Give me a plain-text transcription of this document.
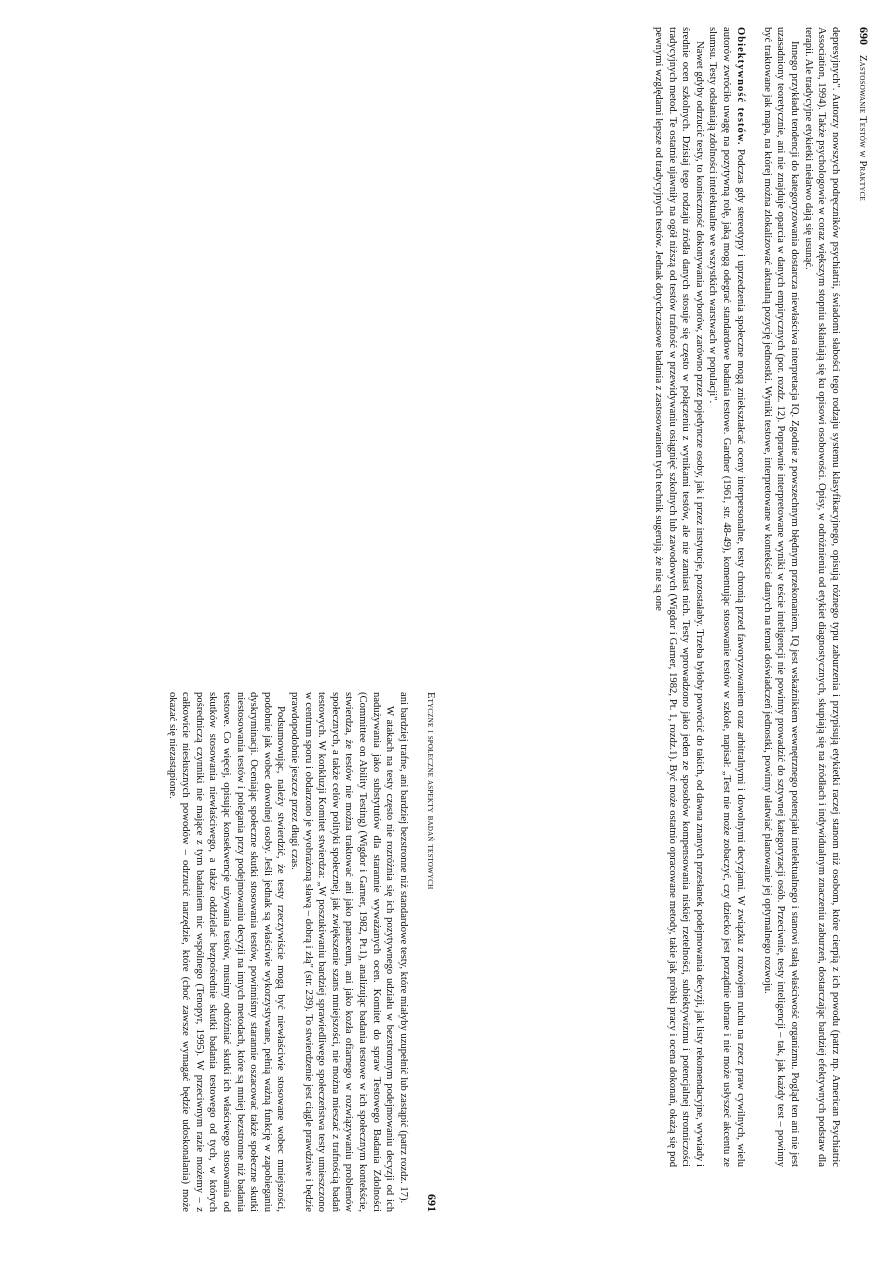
690
Zastosowanie Testów w Praktyce

depresyjnych". Autorzy nowszych podręczników psychiatrii, świadomi słabości tego rodzaju systemu klasyfikacyjnego, opisują różnego typu zaburzenia i przypisują etykietki raczej stanom niż osobom, które cierpią z ich powodu (patrz np. American Psychiatric Association, 1994). Także psychologowie w coraz większym stopniu skłaniają się ku opisowi osobowości. Opisy, w odróżnieniu od etykiet diagnostycznych, skupiają się na źródłach i indywidualnym znaczeniu zaburzeń, dostarczając bardziej efektywnych podstaw dla terapii. Ale tradycyjne etykietki niełatwo dają się usunąć.

Innego przykładu tendencji do kategoryzowania dostarcza niewłaściwa interpretacja IQ. Zgodnie z powszechnym błędnym przekonaniem, IQ jest wskaźnikiem wewnętrznego potencjału intelektualnego i stanowi stałą właściwość organizmu. Pogląd ten ani nie jest uzasadniony teoretycznie, ani nie znajduje oparcia w danych empirycznych (por. rozdz. 12). Poprawnie interpretowane wyniki w teście inteligencji nie powinny prowadzić do sztywnej kategoryzacji osób. Przeciwnie, testy inteligencji – tak, jak każdy test – powinny być traktowane jak mapa, na której można zlokalizować aktualną pozycję jednostki. Wyniki testowe, interpretowane w kontekście danych na temat doświadczeń jednostki, powinny ułatwiać planowanie jej optymalnego rozwoju.

Obiektywność testów. Podczas gdy stereotypy i uprzedzenia społeczne mogą zniekształcać oceny interpersonalne, testy chronią przed faworyzowaniem oraz arbitralnymi i dowolnymi decyzjami. W związku z rozwojem ruchu na rzecz praw cywilnych, wielu autorów zwróciło uwagę na pozytywną rolę, jaką mogą odegrać standardowe badania testowe. Gardner (1961, str. 48-49), komentując stosowanie testów w szkole, napisał: „Test nie może zobaczyć, czy dziecko jest porządnie ubrane i nie może usłyszeć akcentu ze slumsu. Testy odsłaniają zdolności intelektualne we wszystkich warstwach w populacji".

Nawet gdyby odrzucić testy, to konieczność dokonywania wyborów, zarówno przez pojedyncze osoby, jak i przez instytucje, pozostałaby. Trzeba byłoby powrócić do takich, od dawna znanych przesłanek podejmowania decyzji, jak listy rekomendacyjne, wywiady i średnie ocen szkolnych. Dzisiaj tego rodzaju źródła danych stosuje się często w połączeniu z wynikami testów, ale nie zamiast nich. Testy wprowadzono jako jeden ze sposobów kompensowania niskiej rzetelności, subiektywizmu i potencjalnej stronniczości tradycyjnych metod. Te ostatnie ujawniły na ogół niższą od testów trafność w przewidywaniu osiągnięć szkolnych lub zawodowych (Wigdor i Garner, 1982, Pt. 1, rozdz.1). Być może ostatnio opracowane metody, takie jak próbki pracy i ocena dokonań, okażą się pod pewnymi względami lepsze od tradycyjnych testów. Jednak dotychczasowe badania z zastosowaniem tych technik sugerują, że nie są one

Etyczne i społeczne aspekty badań testowych
691

ani bardziej trafne, ani bardziej bezstronne niż standardowe testy, które miałyby uzupełnić lub zastąpić (patrz rozdz. 17).

W atakach na testy często nie rozróżnia się ich pozytywnego udziału w bezstronnym podejmowaniu decyzji od ich nadużywania jako substytutów dla starannie wyważanych ocen. Komitet do spraw Testowego Badania Zdolności (Committee on Ability Testing) (Wigdor i Garner, 1982, Pt.1), analizując badania testowe w ich społecznym kontekście, stwierdza, że testów nie można traktować ani jako panaceum, ani jako kozła ofiarnego w rozwiązywaniu problemów społecznych, a także celów polityki społecznej, jak zwiększenie szans mniejszości, nie można mieszać z trafnością badań testowych. W konkluzji Komitet stwierdza: „W poszukiwaniu bardziej sprawiedliwego społeczeństwa testy umieszczono w centrum sporu i obdarzono je wyobrażoną sławą – dobrą i złą" (str. 239). To stwierdzenie jest ciągle prawdziwe i będzie prawdopodobnie jeszcze przez długi czas.

Podsumowując, należy stwierdzić, że testy rzeczywiście mogą być niewłaściwie stosowane wobec mniejszości, podobnie jak wobec dowolnej osoby. Jeśli jednak są właściwie wykorzystywane, pełnią ważną funkcję w zapobieganiu dyskryminacji. Oceniając społeczne skutki stosowania testów, powinniśmy starannie oszacować także społeczne skutki niestosowania testów i polegania przy podejmowaniu decyzji na innych metodach, które są mniej bezstronne niż badania testowe. Co więcej, opisując konsekwencje używania testów, musimy odróżniać skutki ich właściwego stosowania od skutków stosowania niewłaściwego, a także oddzielać bezpośrednie skutki badania testowego od tych, w których pośredniczą czynniki nie mające z tym badaniem nic wspólnego (Tenopyr, 1995). W przeciwnym razie możemy – z całkowicie niesłusznych powodów – odrzucić narzędzie, które (choć zawsze wymagać będzie udoskonalania) może okazać się niezastąpione.
